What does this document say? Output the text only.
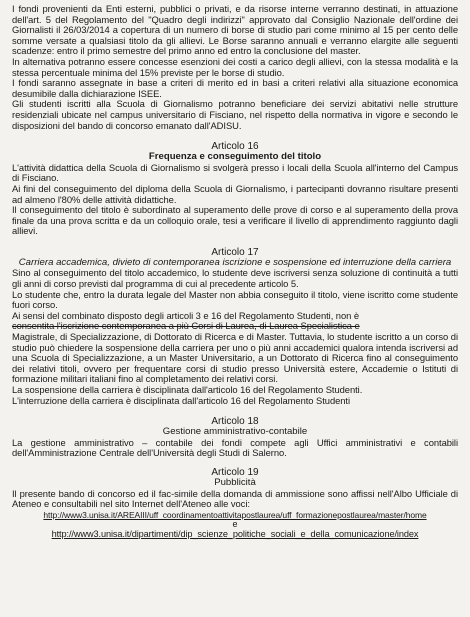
I fondi provenienti da Enti esterni, pubblici o privati, e da risorse interne verranno destinati, in attuazione dell'art. 5 del Regolamento del "Quadro degli indirizzi" approvato dal Consiglio Nazionale dell'ordine dei Giornalisti il 26/03/2014 a copertura di un numero di borse di studio pari come minimo al 15 per cento delle somme versate a qualsiasi titolo da gli allievi. Le Borse saranno annuali e verranno elargite alle seguenti scadenze: entro il primo semestre del primo anno ed entro la conclusione del master.

In alternativa potranno essere concesse esenzioni dei costi a carico degli allievi, con la stessa modalità e la stessa percentuale minima del 15% previste per le borse di studio.

I fondi saranno assegnate in base a criteri di merito ed in basi a criteri relativi alla situazione economica desumibile dalla dichiarazione ISEE.

Gli studenti iscritti alla Scuola di Giornalismo potranno beneficiare dei servizi abitativi nelle strutture residenziali ubicate nel campus universitario di Fisciano, nel rispetto della normativa in vigore e secondo le disposizioni del bando di concorso emanato dall'ADISU.

Articolo 16
Frequenza e conseguimento del titolo

L'attività didattica della Scuola di Giornalismo si svolgerà presso i locali della Scuola all'interno del Campus di Fisciano.

Ai fini del conseguimento del diploma della Scuola di Giornalismo, i partecipanti dovranno risultare presenti ad almeno l'80% delle attività didattiche.

Il conseguimento del titolo è subordinato al superamento delle prove di corso e al superamento della prova finale da una prova scritta e da un colloquio orale, tesi a verificare il livello di apprendimento raggiunto dagli allievi.

Articolo 17
Carriera accademica, divieto di contemporanea iscrizione e sospensione ed interruzione della carriera

Sino al conseguimento del titolo accademico, lo studente deve iscriversi senza soluzione di continuità a tutti gli anni di corso previsti dal programma di cui al precedente articolo 5.

Lo studente che, entro la durata legale del Master non abbia conseguito il titolo, viene iscritto come studente fuori corso.

Ai sensi del combinato disposto degli articoli 3 e 16 del Regolamento Studenti, non è

consentita l'iscrizione contemporanea a più Corsi di Laurea, di Laurea Specialistica e

Magistrale, di Specializzazione, di Dottorato di Ricerca e di Master. Tuttavia, lo studente iscritto a un corso di studio può chiedere la sospensione della carriera per uno o più anni accademici qualora intenda iscriversi ad una Scuola di Specializzazione, a un Master Universitario, a un Dottorato di Ricerca fino al conseguimento dei relativi titoli, ovvero per frequentare corsi di studio presso Università estere, Accademie o Istituti di formazione militari italiani fino al completamento dei relativi corsi.

La sospensione della carriera è disciplinata dall'articolo 16 del Regolamento Studenti.

L'interruzione della carriera è disciplinata dall'articolo 16 del Regolamento Studenti

Articolo 18
Gestione amministrativo-contabile

La gestione amministrativo – contabile dei fondi compete agli Uffici amministrativi e contabili dell'Amministrazione Centrale dell'Università degli Studi di Salerno.

Articolo 19
Pubblicità

Il presente bando di concorso ed il fac-simile della domanda di ammissione sono affissi nell'Albo Ufficiale di Ateneo e consultabili nel sito Internet dell'Ateneo alle voci:

http://www3.unisa.it/AREAIII/uff_coordinamentoattivitapostlaurea/uff_formazionepostlaurea/master/home
e
http://www3.unisa.it/dipartimenti/dip_scienze_politiche_sociali_e_della_comunicazione/index
